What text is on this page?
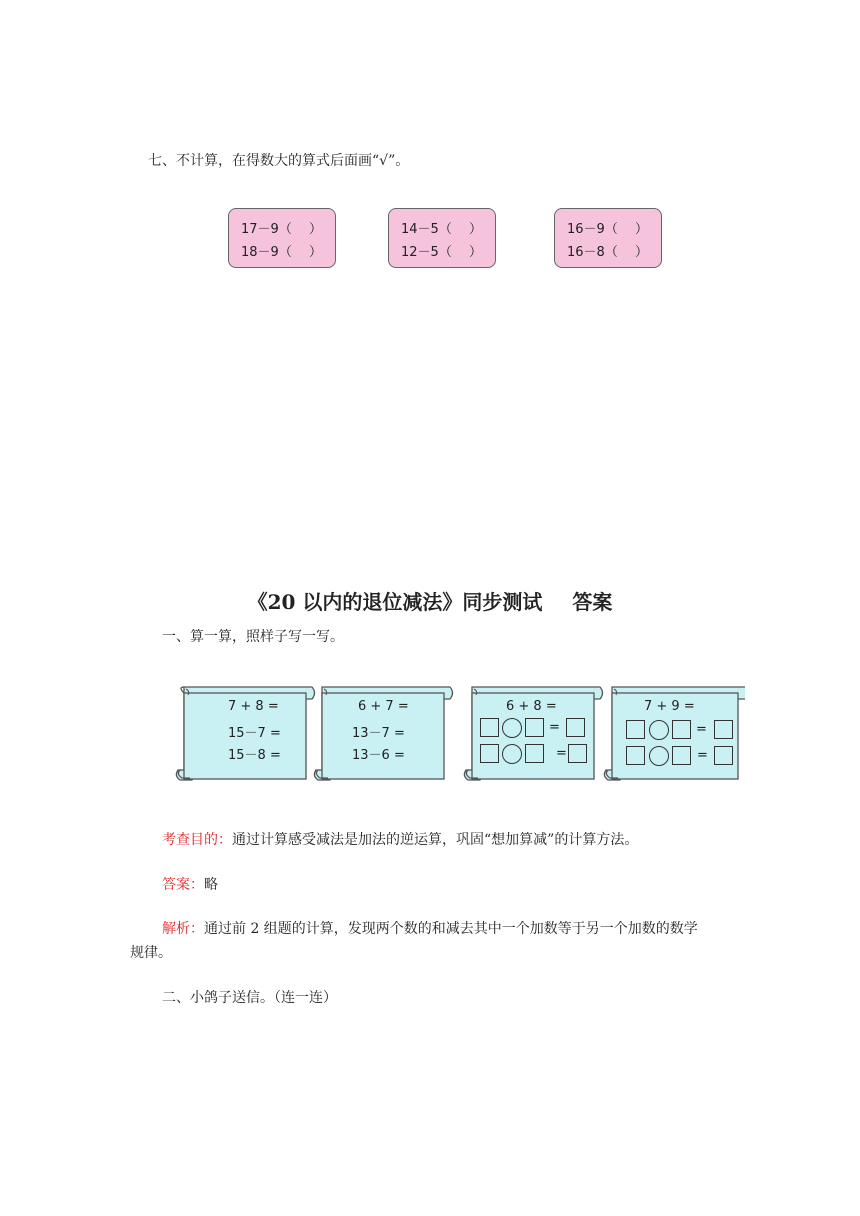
七、不计算，在得数大的算式后面画“√”。
17－9（　 ）
18－9（　 ）
14－5（　 ）
12－5（　 ）
16－9（　 ）
16－8（　 ）
《20 以内的退位减法》同步测试 答案
一、算一算，照样子写一写。
7 + 8 =
15－7 =
15－8 =
6 + 7 =
13－7 =
13－6 =
6 + 8 =
=
=
7 + 9 =
=
=
考查目的：通过计算感受减法是加法的逆运算，巩固“想加算减”的计算方法。
答案：略
解析：通过前 2 组题的计算，发现两个数的和减去其中一个加数等于另一个加数的数学
规律。
二、小鸽子送信。（连一连）
